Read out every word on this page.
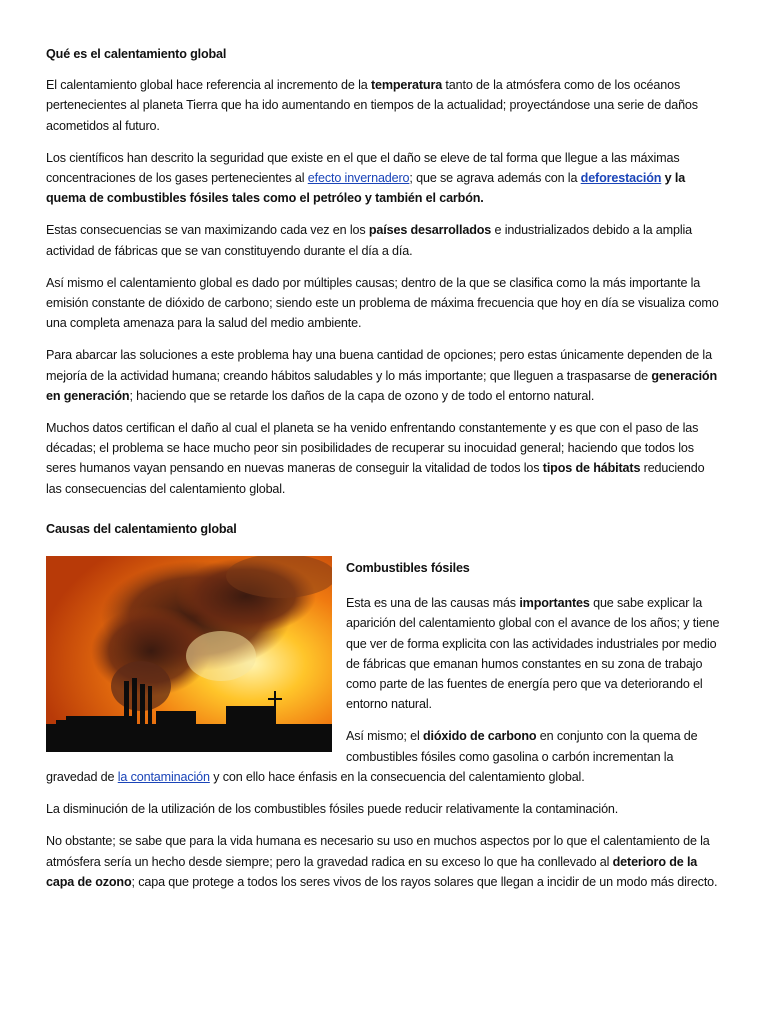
Qué es el calentamiento global

El calentamiento global hace referencia al incremento de la temperatura tanto de la atmósfera como de los océanos pertenecientes al planeta Tierra que ha ido aumentando en tiempos de la actualidad; proyectándose una serie de daños acometidos al futuro.

Los científicos han descrito la seguridad que existe en el que el daño se eleve de tal forma que llegue a las máximas concentraciones de los gases pertenecientes al efecto invernadero; que se agrava además con la deforestación y la quema de combustibles fósiles tales como el petróleo y también el carbón.

Estas consecuencias se van maximizando cada vez en los países desarrollados e industrializados debido a la amplia actividad de fábricas que se van constituyendo durante el día a día.

Así mismo el calentamiento global es dado por múltiples causas; dentro de la que se clasifica como la más importante la emisión constante de dióxido de carbono; siendo este un problema de máxima frecuencia que hoy en día se visualiza como una completa amenaza para la salud del medio ambiente.

Para abarcar las soluciones a este problema hay una buena cantidad de opciones; pero estas únicamente dependen de la mejoría de la actividad humana; creando hábitos saludables y lo más importante; que lleguen a traspasarse de generación en generación; haciendo que se retarde los daños de la capa de ozono y de todo el entorno natural.

Muchos datos certifican el daño al cual el planeta se ha venido enfrentando constantemente y es que con el paso de las décadas; el problema se hace mucho peor sin posibilidades de recuperar su inocuidad general; haciendo que todos los seres humanos vayan pensando en nuevas maneras de conseguir la vitalidad de todos los tipos de hábitats reduciendo las consecuencias del calentamiento global.

Causas del calentamiento global

Combustibles fósiles

Esta es una de las causas más importantes que sabe explicar la aparición del calentamiento global con el avance de los años; y tiene que ver de forma explicita con las actividades industriales por medio de fábricas que emanan humos constantes en su zona de trabajo como parte de las fuentes de energía pero que va deteriorando el entorno natural.

Así mismo; el dióxido de carbono en conjunto con la quema de combustibles fósiles como gasolina o carbón incrementan la gravedad de la contaminación y con ello hace énfasis en la consecuencia del calentamiento global.

La disminución de la utilización de los combustibles fósiles puede reducir relativamente la contaminación.

No obstante; se sabe que para la vida humana es necesario su uso en muchos aspectos por lo que el calentamiento de la atmósfera sería un hecho desde siempre; pero la gravedad radica en su exceso lo que ha conllevado al deterioro de la capa de ozono; capa que protege a todos los seres vivos de los rayos solares que llegan a incidir de un modo más directo.
